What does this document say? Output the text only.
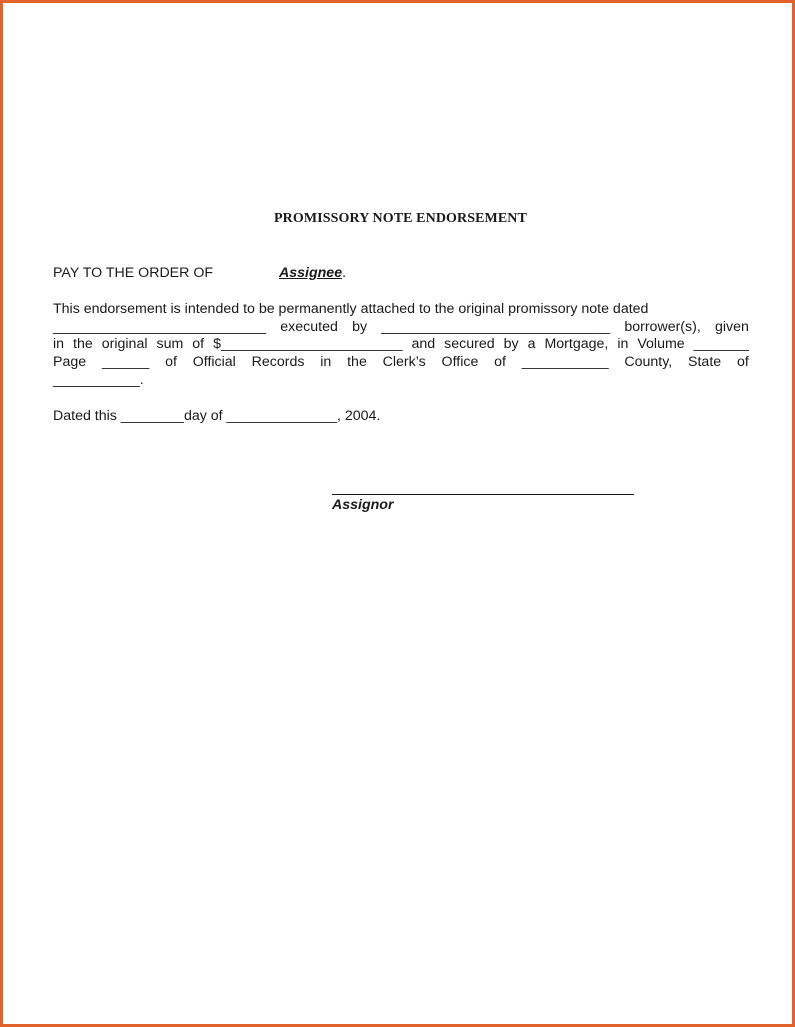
PROMISSORY NOTE ENDORSEMENT
PAY TO THE ORDER OF	Assignee.
This endorsement is intended to be permanently attached to the original promissory note dated
___________________________ executed by _____________________________ borrower(s), given
in the original sum of $_______________________ and secured by a Mortgage, in Volume _______
Page ______ of Official Records in the Clerk’s Office of ___________ County, State of
___________.
Dated this ________day of ______________, 2004.
Assignor
